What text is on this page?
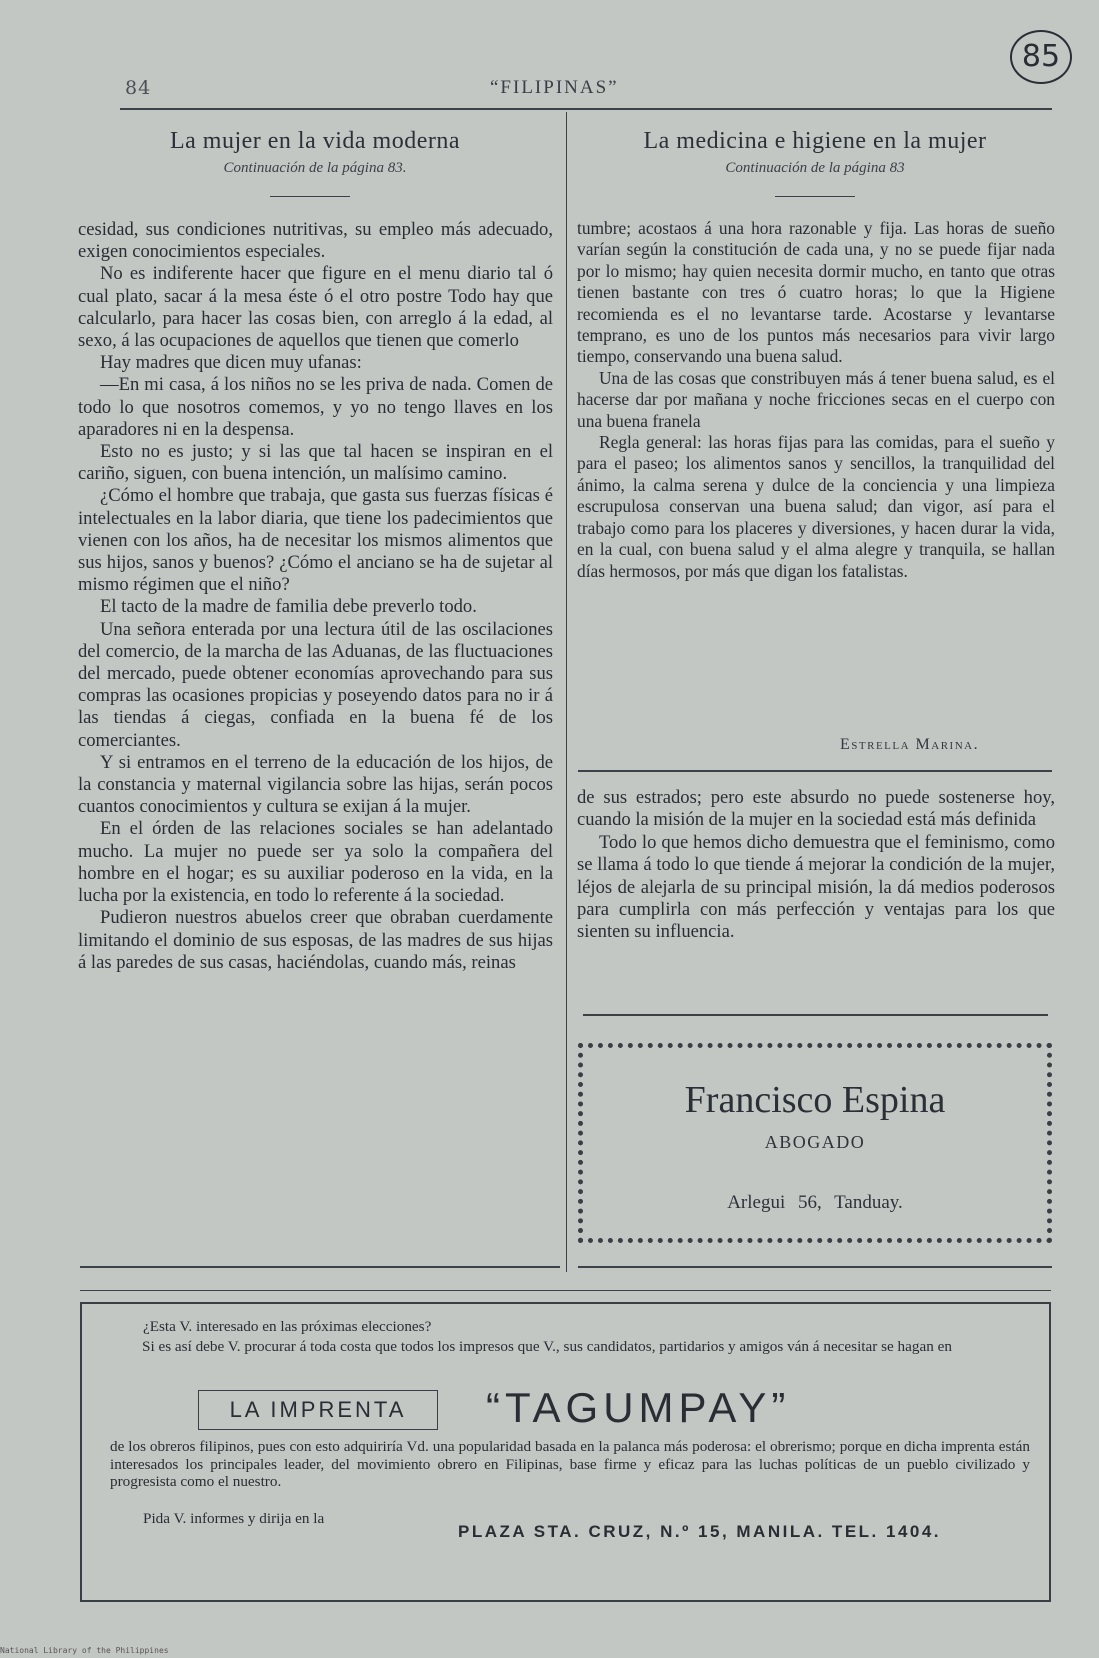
84	“FILIPINAS”
85
La mujer en la vida moderna
Continuación de la página 83.

cesidad, sus condiciones nutritivas, su empleo más adecuado, exigen conocimientos especiales.

No es indiferente hacer que figure en el menu diario tal ó cual plato, sacar á la mesa éste ó el otro postre Todo hay que calcularlo, para hacer las cosas bien, con arreglo á la edad, al sexo, á las ocupaciones de aquellos que tienen que comerlo

Hay madres que dicen muy ufanas:

—En mi casa, á los niños no se les priva de nada. Comen de todo lo que nosotros comemos, y yo no tengo llaves en los aparadores ni en la despensa.

Esto no es justo; y si las que tal hacen se inspiran en el cariño, siguen, con buena intención, un malísimo camino.

¿Cómo el hombre que trabaja, que gasta sus fuerzas físicas é intelectuales en la labor diaria, que tiene los padecimientos que vienen con los años, ha de necesitar los mismos alimentos que sus hijos, sanos y buenos? ¿Cómo el anciano se ha de sujetar al mismo régimen que el niño?

El tacto de la madre de familia debe preverlo todo.

Una señora enterada por una lectura útil de las oscilaciones del comercio, de la marcha de las Aduanas, de las fluctuaciones del mercado, puede obtener economías aprovechando para sus compras las ocasiones propicias y poseyendo datos para no ir á las tiendas á ciegas, confiada en la buena fé de los comerciantes.

Y si entramos en el terreno de la educación de los hijos, de la constancia y maternal vigilancia sobre las hijas, serán pocos cuantos conocimientos y cultura se exijan á la mujer.

En el órden de las relaciones sociales se han adelantado mucho. La mujer no puede ser ya solo la compañera del hombre en el hogar; es su auxiliar poderoso en la vida, en la lucha por la existencia, en todo lo referente á la sociedad.

Pudieron nuestros abuelos creer que obraban cuerdamente limitando el dominio de sus esposas, de las madres de sus hijas á las paredes de sus casas, haciéndolas, cuando más, reinas

La medicina e higiene en la mujer
Continuación de la página 83

tumbre; acostaos á una hora razonable y fija. Las horas de sueño varían según la constitución de cada una, y no se puede fijar nada por lo mismo; hay quien necesita dormir mucho, en tanto que otras tienen bastante con tres ó cuatro horas; lo que la Higiene recomienda es el no levantarse tarde. Acostarse y levantarse temprano, es uno de los puntos más necesarios para vivir largo tiempo, conservando una buena salud.

Una de las cosas que constribuyen más á tener buena salud, es el hacerse dar por mañana y noche fricciones secas en el cuerpo con una buena franela

Regla general: las horas fijas para las comidas, para el sueño y para el paseo; los alimentos sanos y sencillos, la tranquilidad del ánimo, la calma serena y dulce de la conciencia y una limpieza escrupulosa conservan una buena salud; dan vigor, así para el trabajo como para los placeres y diversiones, y hacen durar la vida, en la cual, con buena salud y el alma alegre y tranquila, se hallan días hermosos, por más que digan los fatalistas.

Estrella Marina.

de sus estrados; pero este absurdo no puede sostenerse hoy, cuando la misión de la mujer en la sociedad está más definida

Todo lo que hemos dicho demuestra que el feminismo, como se llama á todo lo que tiende á mejorar la condición de la mujer, léjos de alejarla de su principal misión, la dá medios poderosos para cumplirla con más perfección y ventajas para los que sienten su influencia.

Francisco Espina
ABOGADO
Arlegui 56, Tanduay.
¿Esta V. interesado en las próximas elecciones?
Si es así debe V. procurar á toda costa que todos los impresos que V., sus candidatos, partidarios y amigos ván á necesitar se hagan en
LA IMPRENTA	“TAGUMPAY”
de los obreros filipinos, pues con esto adquiriría Vd. una popularidad basada en la palanca más poderosa: el obrerismo; porque en dicha imprenta están interesados los principales leader, del movimiento obrero en Filipinas, base firme y eficaz para las luchas políticas de un pueblo civilizado y progresista como el nuestro.
Pida V. informes y dirija en la
PLAZA STA. CRUZ, N.º 15, MANILA. TEL. 1404.
National Library of the Philippines
